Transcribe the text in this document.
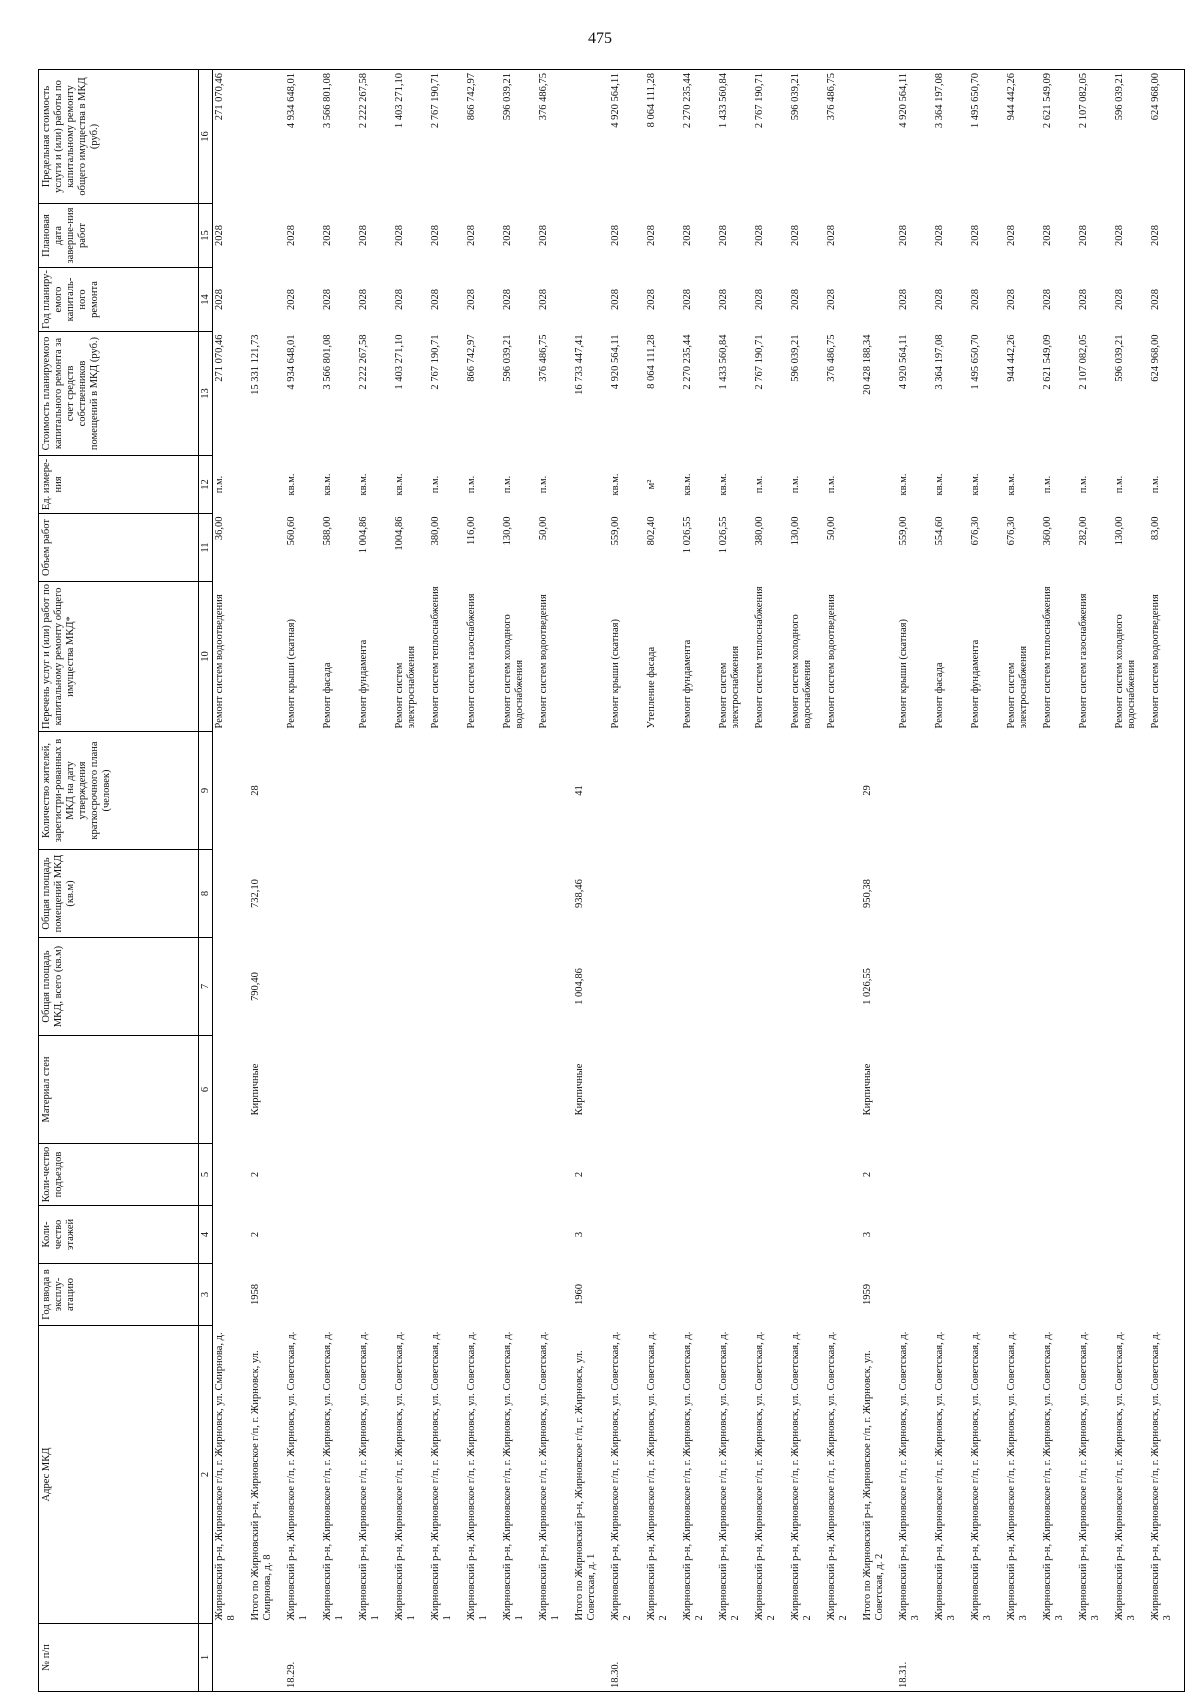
475
№ п/п	Адрес МКД	Год ввода в эксплу-атацию	Коли-чество этажей	Коли-чество подъездов	Материал стен	Общая площадь МКД, всего (кв.м)	Общая площадь помещений МКД (кв.м)	Количество жителей, зарегистри-рованных в МКД на дату утверждения краткосрочного плана (человек)	Перечень услуг и (или) работ по капитальному ремонту общего имущества МКД*	Объем работ	Ед. измере-ния	Стоимость планируемого капитального ремонта за счет средств собственников помещений в МКД (руб.)	Год планиру-емого капиталь-ного ремонта	Плановая дата заверше-ния работ	Предельная стоимость услуги и (или) работы по капитальному ремонту общего имущества в МКД (руб.)
1	2	3	4	5	6	7	8	9	10	11	12	13	14	15	16
	Жирновский р-н, Жирновское г/п, г. Жирновск, ул. Смирнова, д. 8								Ремонт систем водоотведения	36,00	п.м.	271 070,46	2028	2028	271 070,46
	Итого по Жирновский р-н, Жирновское г/п, г. Жирновск, ул. Смирнова, д. 8	1958	2	2	Кирпичные	790,40	732,10	28				15 331 121,73			
18.29.	Жирновский р-н, Жирновское г/п, г. Жирновск, ул. Советская, д. 1								Ремонт крыши (скатная)	560,60	кв.м.	4 934 648,01	2028	2028	4 934 648,01
	Жирновский р-н, Жирновское г/п, г. Жирновск, ул. Советская, д. 1								Ремонт фасада	588,00	кв.м.	3 566 801,08	2028	2028	3 566 801,08
	Жирновский р-н, Жирновское г/п, г. Жирновск, ул. Советская, д. 1								Ремонт фундамента	1 004,86	кв.м.	2 222 267,58	2028	2028	2 222 267,58
	Жирновский р-н, Жирновское г/п, г. Жирновск, ул. Советская, д. 1								Ремонт систем электроснабжения	1004,86	кв.м.	1 403 271,10	2028	2028	1 403 271,10
	Жирновский р-н, Жирновское г/п, г. Жирновск, ул. Советская, д. 1								Ремонт систем теплоснабжения	380,00	п.м.	2 767 190,71	2028	2028	2 767 190,71
	Жирновский р-н, Жирновское г/п, г. Жирновск, ул. Советская, д. 1								Ремонт систем газоснабжения	116,00	п.м.	866 742,97	2028	2028	866 742,97
	Жирновский р-н, Жирновское г/п, г. Жирновск, ул. Советская, д. 1								Ремонт систем холодного водоснабжения	130,00	п.м.	596 039,21	2028	2028	596 039,21
	Жирновский р-н, Жирновское г/п, г. Жирновск, ул. Советская, д. 1								Ремонт систем водоотведения	50,00	п.м.	376 486,75	2028	2028	376 486,75
	Итого по Жирновский р-н, Жирновское г/п, г. Жирновск, ул. Советская, д. 1	1960	3	2	Кирпичные	1 004,86	938,46	41				16 733 447,41			
18.30.	Жирновский р-н, Жирновское г/п, г. Жирновск, ул. Советская, д. 2								Ремонт крыши (скатная)	559,00	кв.м.	4 920 564,11	2028	2028	4 920 564,11
	Жирновский р-н, Жирновское г/п, г. Жирновск, ул. Советская, д. 2								Утепление фасада	802,40	м²	8 064 111,28	2028	2028	8 064 111,28
	Жирновский р-н, Жирновское г/п, г. Жирновск, ул. Советская, д. 2								Ремонт фундамента	1 026,55	кв.м.	2 270 235,44	2028	2028	2 270 235,44
	Жирновский р-н, Жирновское г/п, г. Жирновск, ул. Советская, д. 2								Ремонт систем электроснабжения	1 026,55	кв.м.	1 433 560,84	2028	2028	1 433 560,84
	Жирновский р-н, Жирновское г/п, г. Жирновск, ул. Советская, д. 2								Ремонт систем теплоснабжения	380,00	п.м.	2 767 190,71	2028	2028	2 767 190,71
	Жирновский р-н, Жирновское г/п, г. Жирновск, ул. Советская, д. 2								Ремонт систем холодного водоснабжения	130,00	п.м.	596 039,21	2028	2028	596 039,21
	Жирновский р-н, Жирновское г/п, г. Жирновск, ул. Советская, д. 2								Ремонт систем водоотведения	50,00	п.м.	376 486,75	2028	2028	376 486,75
	Итого по Жирновский р-н, Жирновское г/п, г. Жирновск, ул. Советская, д. 2	1959	3	2	Кирпичные	1 026,55	950,38	29				20 428 188,34			
18.31.	Жирновский р-н, Жирновское г/п, г. Жирновск, ул. Советская, д. 3								Ремонт крыши (скатная)	559,00	кв.м.	4 920 564,11	2028	2028	4 920 564,11
	Жирновский р-н, Жирновское г/п, г. Жирновск, ул. Советская, д. 3								Ремонт фасада	554,60	кв.м.	3 364 197,08	2028	2028	3 364 197,08
	Жирновский р-н, Жирновское г/п, г. Жирновск, ул. Советская, д. 3								Ремонт фундамента	676,30	кв.м.	1 495 650,70	2028	2028	1 495 650,70
	Жирновский р-н, Жирновское г/п, г. Жирновск, ул. Советская, д. 3								Ремонт систем электроснабжения	676,30	кв.м.	944 442,26	2028	2028	944 442,26
	Жирновский р-н, Жирновское г/п, г. Жирновск, ул. Советская, д. 3								Ремонт систем теплоснабжения	360,00	п.м.	2 621 549,09	2028	2028	2 621 549,09
	Жирновский р-н, Жирновское г/п, г. Жирновск, ул. Советская, д. 3								Ремонт систем газоснабжения	282,00	п.м.	2 107 082,05	2028	2028	2 107 082,05
	Жирновский р-н, Жирновское г/п, г. Жирновск, ул. Советская, д. 3								Ремонт систем холодного водоснабжения	130,00	п.м.	596 039,21	2028	2028	596 039,21
	Жирновский р-н, Жирновское г/п, г. Жирновск, ул. Советская, д. 3								Ремонт систем водоотведения	83,00	п.м.	624 968,00	2028	2028	624 968,00
